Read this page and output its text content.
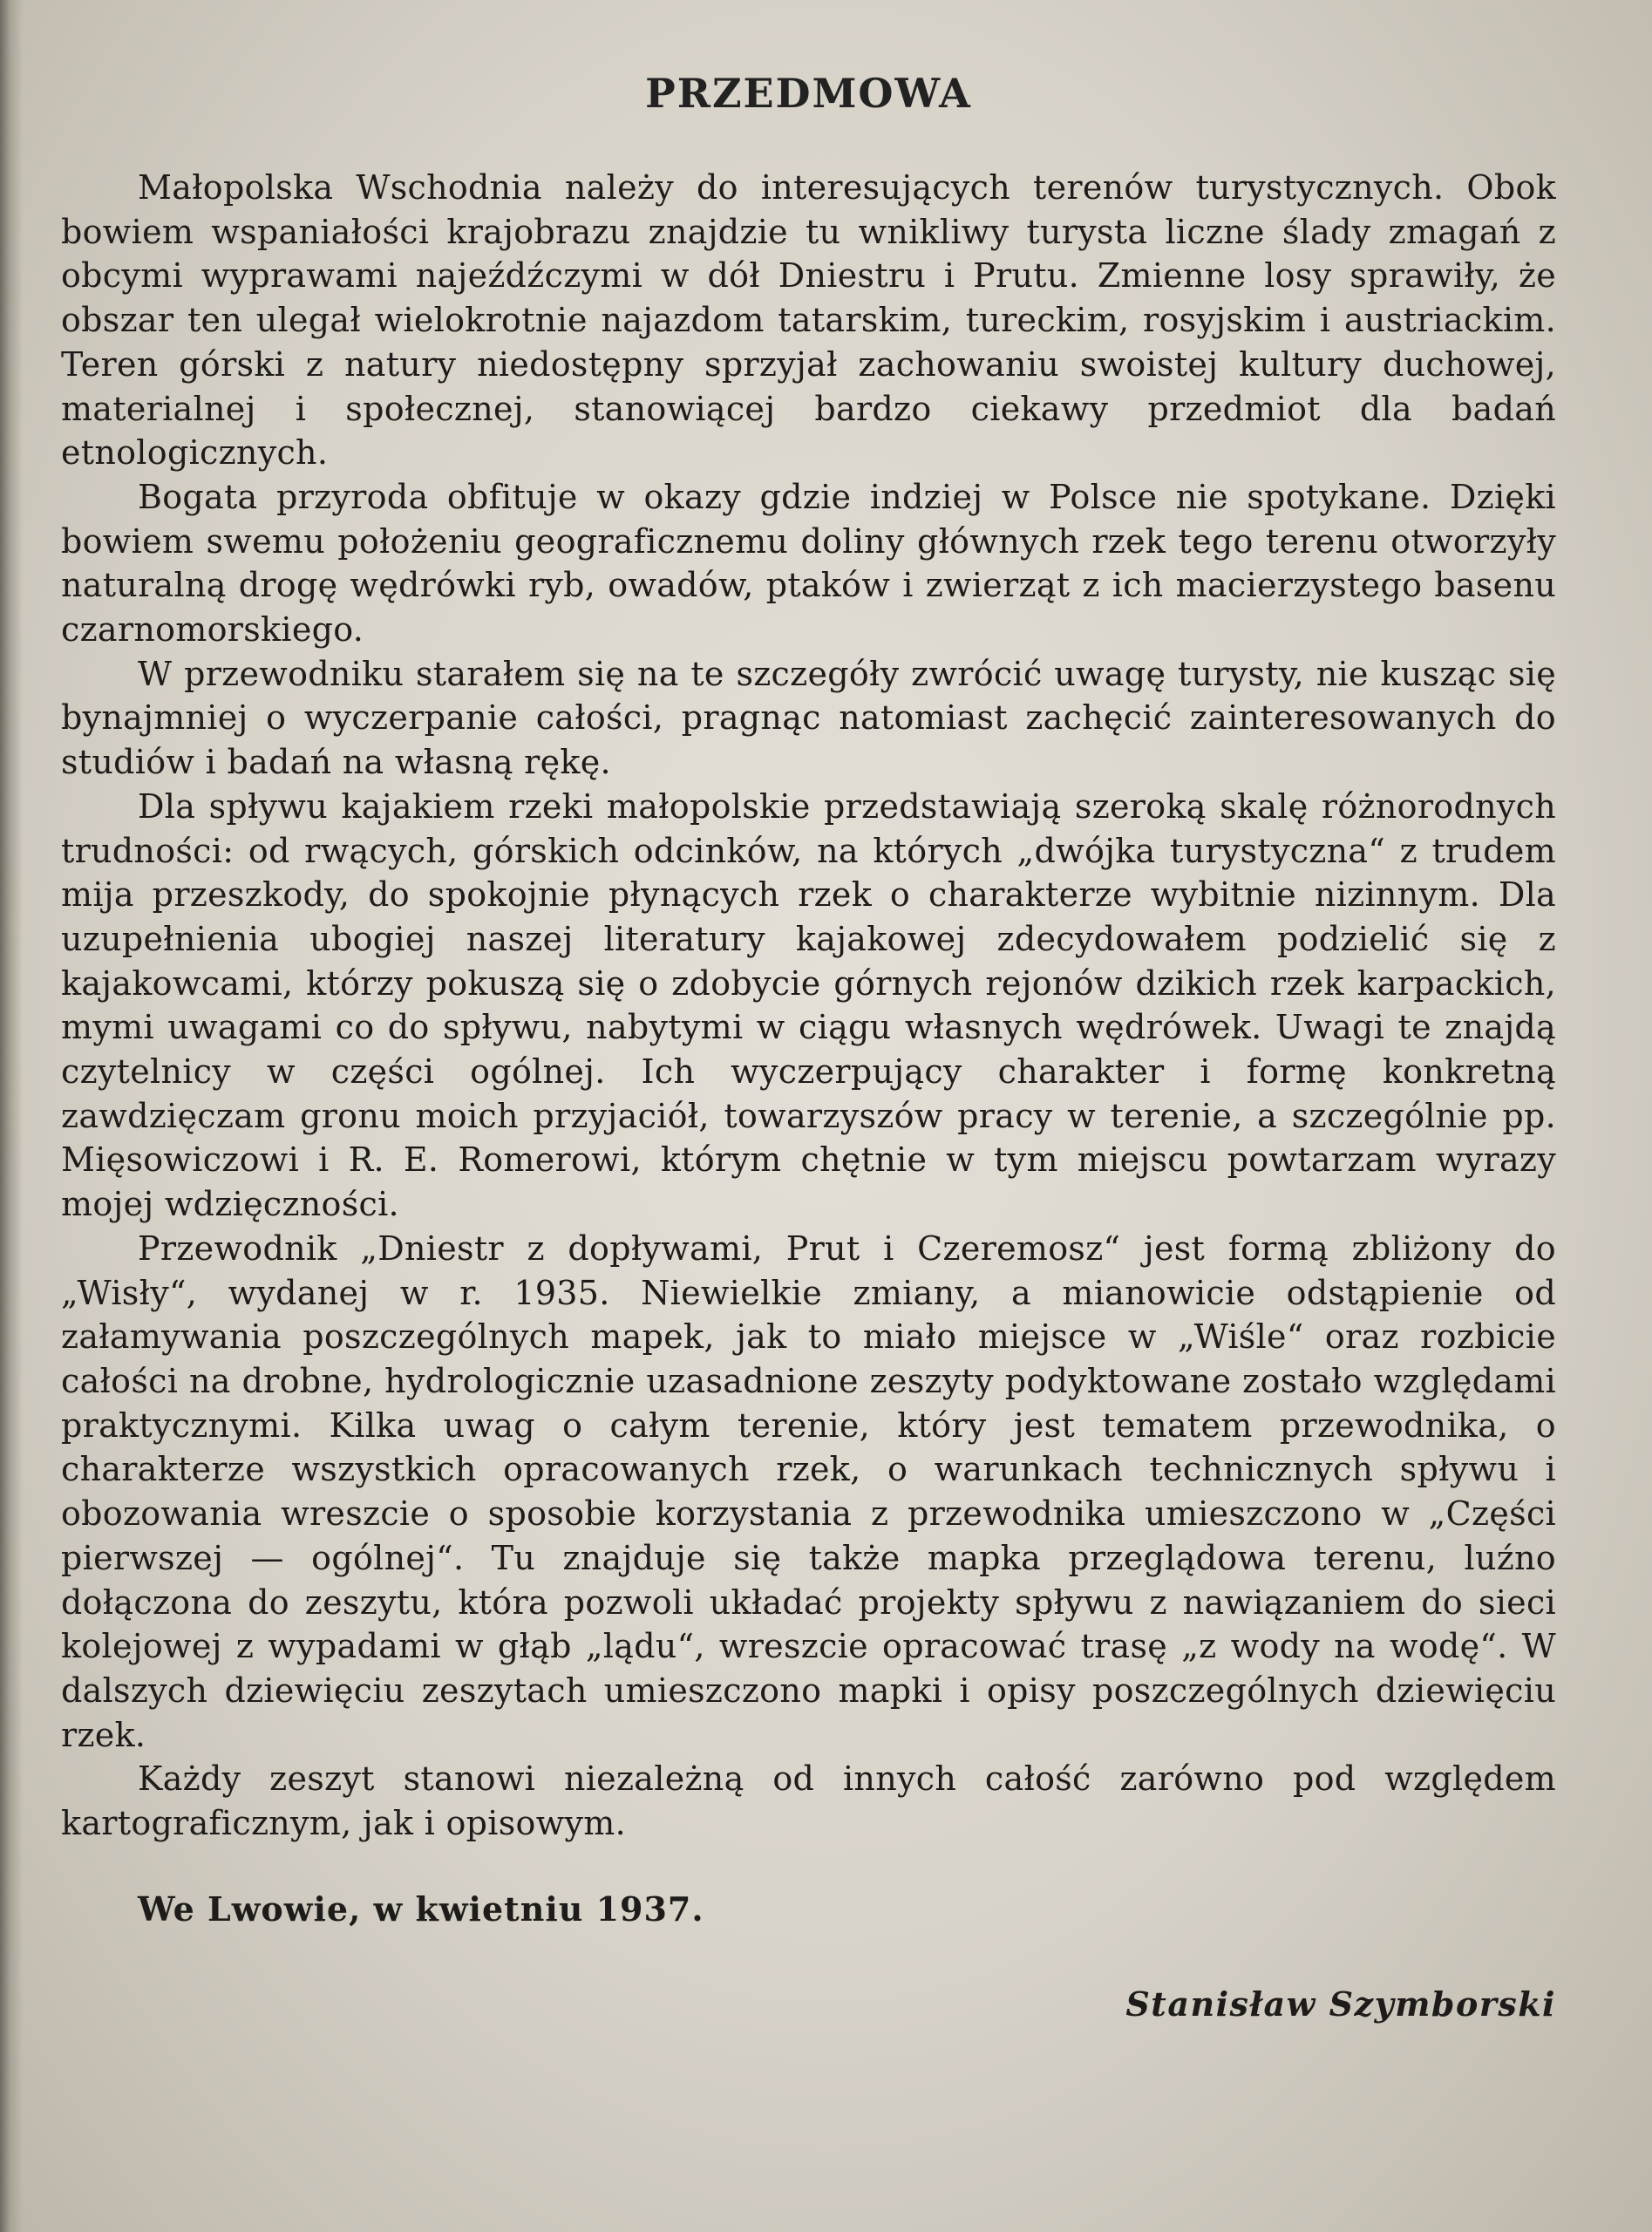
PRZEDMOWA

Małopolska Wschodnia należy do interesujących terenów turystycznych. Obok bowiem wspaniałości krajobrazu znajdzie tu wnikliwy turysta liczne ślady zmagań z obcymi wyprawami najeźdźczymi w dół Dniestru i Prutu. Zmienne losy sprawiły, że obszar ten ulegał wielokrotnie najazdom tatarskim, tureckim, rosyjskim i austriackim. Teren górski z natury niedostępny sprzyjał zachowaniu swoistej kultury duchowej, materialnej i społecznej, stanowiącej bardzo ciekawy przedmiot dla badań etnologicznych.

Bogata przyroda obfituje w okazy gdzie indziej w Polsce nie spotykane. Dzięki bowiem swemu położeniu geograficznemu doliny głównych rzek tego terenu otworzyły naturalną drogę wędrówki ryb, owadów, ptaków i zwierząt z ich macierzystego basenu czarnomorskiego.

W przewodniku starałem się na te szczegóły zwrócić uwagę turysty, nie kusząc się bynajmniej o wyczerpanie całości, pragnąc natomiast zachęcić zainteresowanych do studiów i badań na własną rękę.

Dla spływu kajakiem rzeki małopolskie przedstawiają szeroką skalę różnorodnych trudności: od rwących, górskich odcinków, na których „dwójka turystyczna“ z trudem mija przeszkody, do spokojnie płynących rzek o charakterze wybitnie nizinnym. Dla uzupełnienia ubogiej naszej literatury kajakowej zdecydowałem podzielić się z kajakowcami, którzy pokuszą się o zdobycie górnych rejonów dzikich rzek karpackich, mymi uwagami co do spływu, nabytymi w ciągu własnych wędrówek. Uwagi te znajdą czytelnicy w części ogólnej. Ich wyczerpujący charakter i formę konkretną zawdzięczam gronu moich przyjaciół, towarzyszów pracy w terenie, a szczególnie pp. Mięsowiczowi i R. E. Romerowi, którym chętnie w tym miejscu powtarzam wyrazy mojej wdzięczności.

Przewodnik „Dniestr z dopływami, Prut i Czeremosz“ jest formą zbliżony do „Wisły“, wydanej w r. 1935. Niewielkie zmiany, a mianowicie odstąpienie od załamywania poszczególnych mapek, jak to miało miejsce w „Wiśle“ oraz rozbicie całości na drobne, hydrologicznie uzasadnione zeszyty podyktowane zostało względami praktycznymi. Kilka uwag o całym terenie, który jest tematem przewodnika, o charakterze wszystkich opracowanych rzek, o warunkach technicznych spływu i obozowania wreszcie o sposobie korzystania z przewodnika umieszczono w „Części pierwszej — ogólnej“. Tu znajduje się także mapka przeglądowa terenu, luźno dołączona do zeszytu, która pozwoli układać projekty spływu z nawiązaniem do sieci kolejowej z wypadami w głąb „lądu“, wreszcie opracować trasę „z wody na wodę“. W dalszych dziewięciu zeszytach umieszczono mapki i opisy poszczególnych dziewięciu rzek.

Każdy zeszyt stanowi niezależną od innych całość zarówno pod względem kartograficznym, jak i opisowym.

We Lwowie, w kwietniu 1937.
Stanisław Szymborski
